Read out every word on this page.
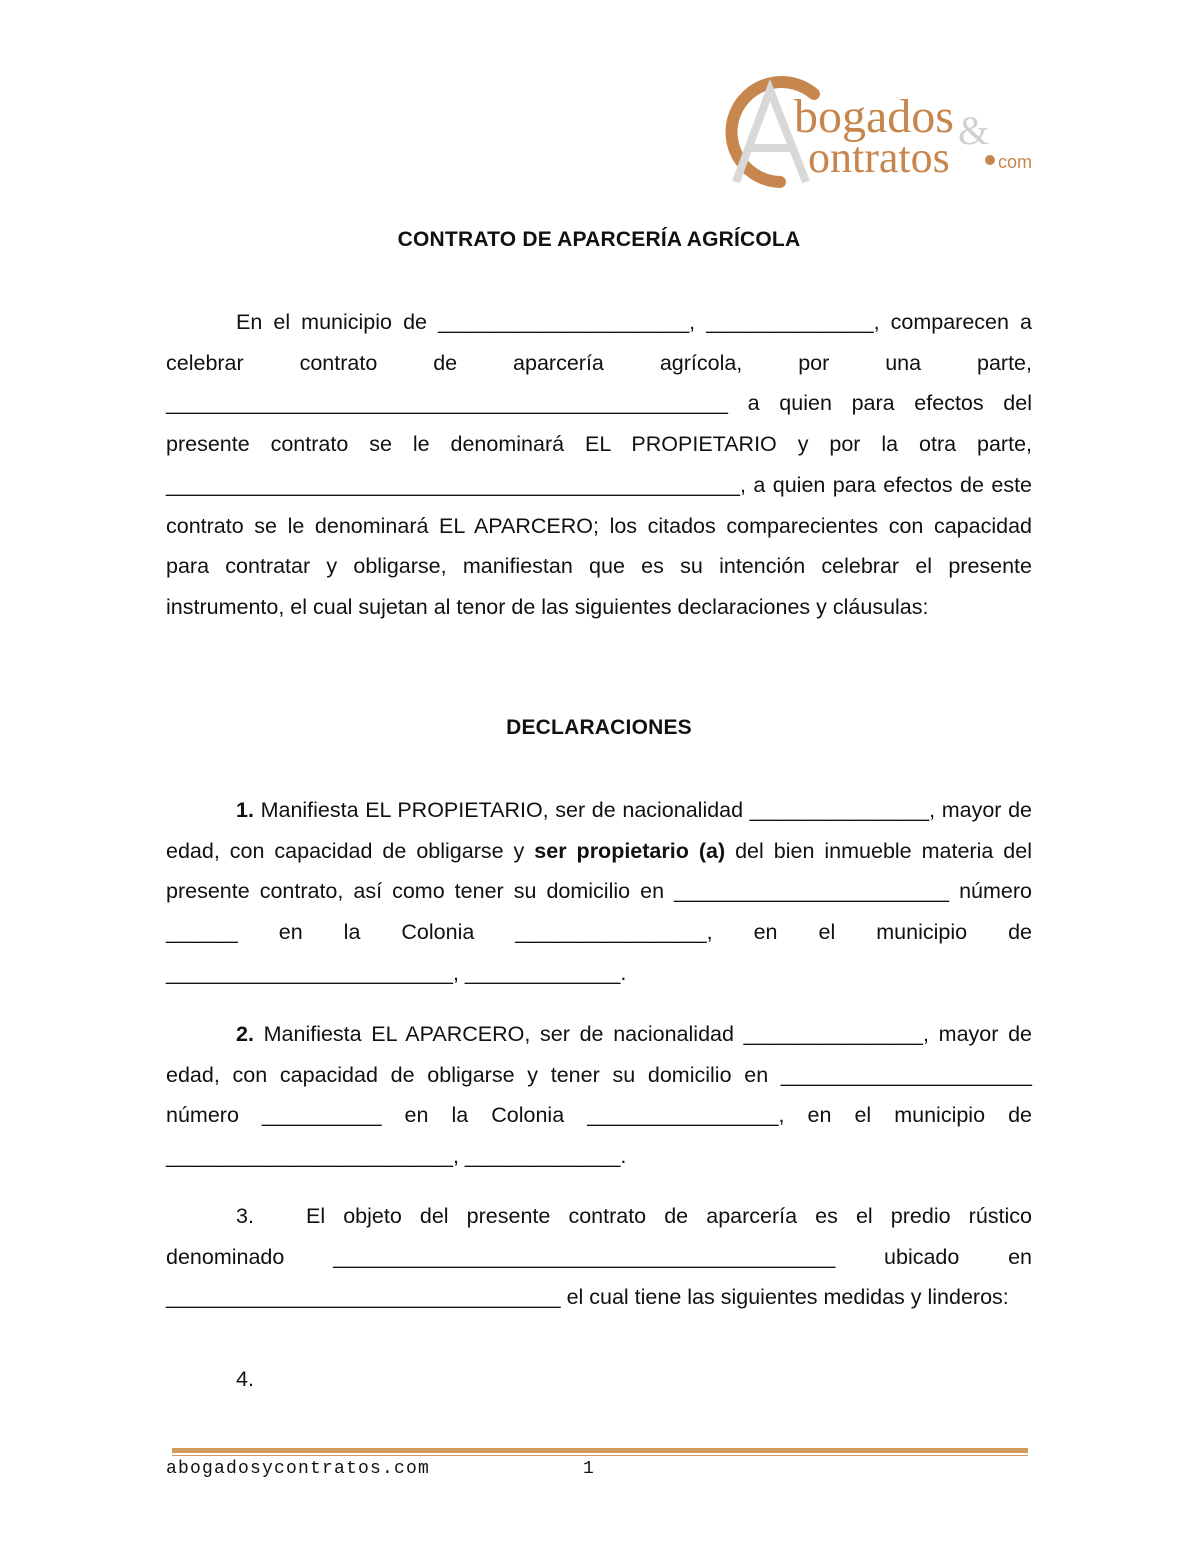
bogados &
ontratos	com
CONTRATO DE APARCERÍA AGRÍCOLA

En el municipio de _____________________, ______________, comparecen a celebrar contrato de aparcería agrícola, por una parte, _______________________________________________ a quien para efectos del presente contrato se le denominará EL PROPIETARIO y por la otra parte, ________________________________________________, a quien para efectos de este contrato se le denominará EL APARCERO; los citados comparecientes con capacidad para contratar y obligarse, manifiestan que es su intención celebrar el presente instrumento, el cual sujetan al tenor de las siguientes declaraciones y cláusulas:

DECLARACIONES

1. Manifiesta EL PROPIETARIO, ser de nacionalidad _______________, mayor de edad, con capacidad de obligarse y ser propietario (a) del bien inmueble materia del presente contrato, así como tener su domicilio en _______________________ número ______ en la Colonia ________________, en el municipio de ________________________, _____________.

2. Manifiesta EL APARCERO, ser de nacionalidad _______________, mayor de edad, con capacidad de obligarse y tener su domicilio en _____________________ número __________ en la Colonia ________________, en el municipio de ________________________, _____________.

3. El objeto del presente contrato de aparcería es el predio rústico denominado __________________________________________ ubicado en _________________________________ el cual tiene las siguientes medidas y linderos:

4.

abogadosycontratos.com	1
